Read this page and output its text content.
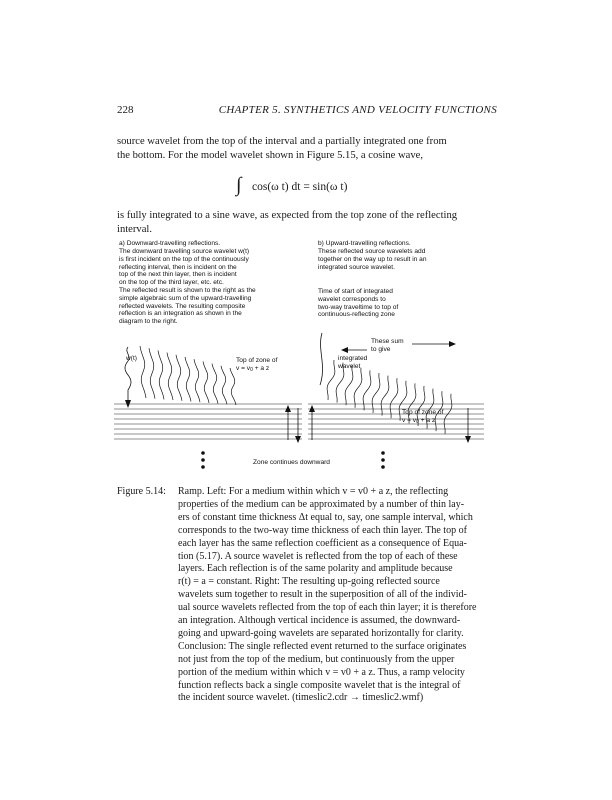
228	CHAPTER 5. SYNTHETICS AND VELOCITY FUNCTIONS

source wavelet from the top of the interval and a partially integrated one from
the bottom. For the model wavelet shown in Figure 5.15, a cosine wave,

∫ cos(ω t) dt = sin(ω t)

is fully integrated to a sine wave, as expected from the top zone of the reflecting
interval.

a) Downward-travelling reflections.
The downward travelling source wavelet w(t)
is first incident on the top of the continuously
reflecting interval, then is incident on the
top of the next thin layer, then is incident
on the top of the third layer, etc. etc.
The reflected result is shown to the right as the
simple algebraic sum of the upward-travelling
reflected wavelets. The resulting composite
reflection is an integration as shown in the
diagram to the right.
b) Upward-travelling reflections.
These reflected source wavelets add
together on the way up to result in an
integrated source wavelet.
Time of start of integrated
wavelet corresponds to
two-way traveltime to top of
continuous-reflecting zone
w(t)	Top of zone of
$v = v_0 + a$ z
These sum
to give
integrated
wavelet
Top of zone of
$v = v_0 + a$ z
Zone continues downward
Figure 5.14: Ramp. Left: For a medium within which v = v0 + a z, the reflecting
properties of the medium can be approximated by a number of thin lay-
ers of constant time thickness Δt equal to, say, one sample interval, which
corresponds to the two-way time thickness of each thin layer. The top of
each layer has the same reflection coefficient as a consequence of Equa-
tion (5.17). A source wavelet is reflected from the top of each of these
layers. Each reflection is of the same polarity and amplitude because
r(t) = a = constant. Right: The resulting up-going reflected source
wavelets sum together to result in the superposition of all of the individ-
ual source wavelets reflected from the top of each thin layer; it is therefore
an integration. Although vertical incidence is assumed, the downward-
going and upward-going wavelets are separated horizontally for clarity.
Conclusion: The single reflected event returned to the surface originates
not just from the top of the medium, but continuously from the upper
portion of the medium within which v = v0 + a z. Thus, a ramp velocity
function reflects back a single composite wavelet that is the integral of
the incident source wavelet. (timeslic2.cdr → timeslic2.wmf)
